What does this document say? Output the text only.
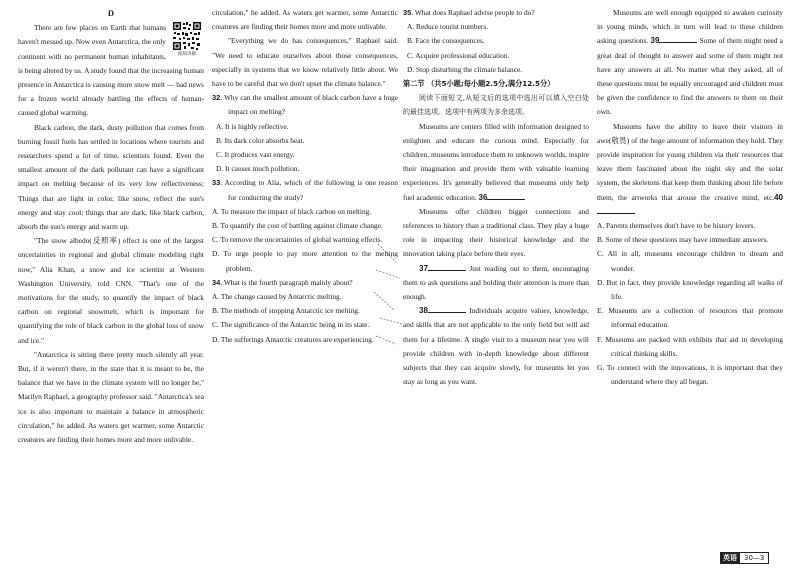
D
视频讲解

There are few places on Earth that humans haven't messed up. Now even Antarctica, the only continent with no permanent human inhabitants, is being altered by us. A study found that the increasing human presence in Antarctica is causing more snow melt — bad news for a frozen world already battling the effects of human-caused global warming.

Black carbon, the dark, dusty pollution that comes from burning fossil fuels has settled in locations where tourists and researchers spend a lot of time, scientists found. Even the smallest amount of the dark pollutant can have a significant impact on melting because of its very low reflectiveness; Things that are light in color, like snow, reflect the sun's energy and stay cool; things that are dark, like black carbon, absorb the sun's energy and warm up.

"The snow albedo(反照率) effect is one of the largest uncertainties in regional and global climate modeling right now," Alia Khan, a snow and ice scientist at Western Washington University, told CNN. "That's one of the motivations for the study, to quantify the impact of black carbon on regional snowmelt, which is important for quantifying the role of black carbon in the global loss of snow and ice."

"Antarctica is sitting there pretty much silently all year. But, if it weren't there, in the state that it is meant to be, the balance that we have in the climate system will no longer be," Marilyn Raphael, a geography professor said. "Antarctica's sea ice is also important to maintain a balance in atmospheric circulation," he added. As waters get warmer, some Antarctic creatures are finding their homes more and more unlivable.

circulation," he added. As waters get warmer, some Antarctic creatures are finding their homes more and more unlivable.

"Everything we do has consequences," Raphael said. "We need to educate ourselves about those consequences, especially in systems that we know relatively little about. We have to be careful that we don't upset the climate balance."

32. Why can the smallest amount of black carbon have a huge impact on melting?

A. It is highly reflective.

B. Its dark color absorbs heat.

C. It produces vast energy.

D. It causes much pollution.

33. According to Alia, which of the following is one reason for conducting the study?

A. To measure the impact of black carbon on melting.

B. To quantify the cost of battling against climate change.

C. To remove the uncertainties of global warming effects.

D. To urge people to pay more attention to the melting problem.

34. What is the fourth paragraph mainly about?

A. The change caused by Antarctic melting.

B. The methods of stopping Antarctic ice melting.

C. The significance of the Antarctic being in its state.

D. The sufferings Antarctic creatures are experiencing.

35. What does Raphael advise people to do?

A. Reduce tourist numbers.

B. Face the consequences.

C. Acquire professional education.

D. Stop disturbing the climate balance.

第二节 （共5小题;每小题2.5分,满分12.5分）

阅读下面短文,从短文后的选项中选出可以填入空白处的最佳选项。选项中有两项为多余选项。

Museums are centers filled with information designed to enlighten and educate the curious mind. Especially for children, museums introduce them to unknown worlds, inspire their imagination and provide them with valuable learning experiences. It's generally believed that museums only help fuel academic education. 36

Museums offer children bigger connections and references to history than a traditional class. They play a huge role in impacting their historical knowledge and the innovation taking place before their eyes.

37	Just reading out to them, encouraging them to ask questions and holding their attention is more than enough.

38	Individuals acquire values, knowledge, and skills that are not applicable to the only field but will aid them for a lifetime. A single visit to a museum near you will provide children with in-depth knowledge about different subjects that they can acquire slowly, for museums let you stay as long as you want.

Museums are well enough equipped to awaken curiosity in young minds, which in turn will lead to these children asking questions. 39	Some of them might need a great deal of thought to answer and some of them might not have any answers at all. No matter what they asked, all of these questions must be equally encouraged and children must be given the confidence to find the answers to them on their own.

Museums have the ability to leave their visitors in awe(敬畏) of the huge amount of information they hold. They provide inspiration for young children via their resources that leave them fascinated about the night sky and the solar system, the skeletons that keep them thinking about life before them, the artworks that arouse the creative mind, etc.40

A. Parents themselves don't have to be history lovers.

B. Some of these questions may have immediate answers.

C. All in all, museums encourage children to dream and wonder.

D. But in fact, they provide knowledge regarding all walks of life.

E. Museums are a collection of resources that promote informal education.

F. Museums are packed with exhibits that aid in developing critical thinking skills.

G. To connect with the innovations, it is important that they understand where they all began.

英语	30—3
